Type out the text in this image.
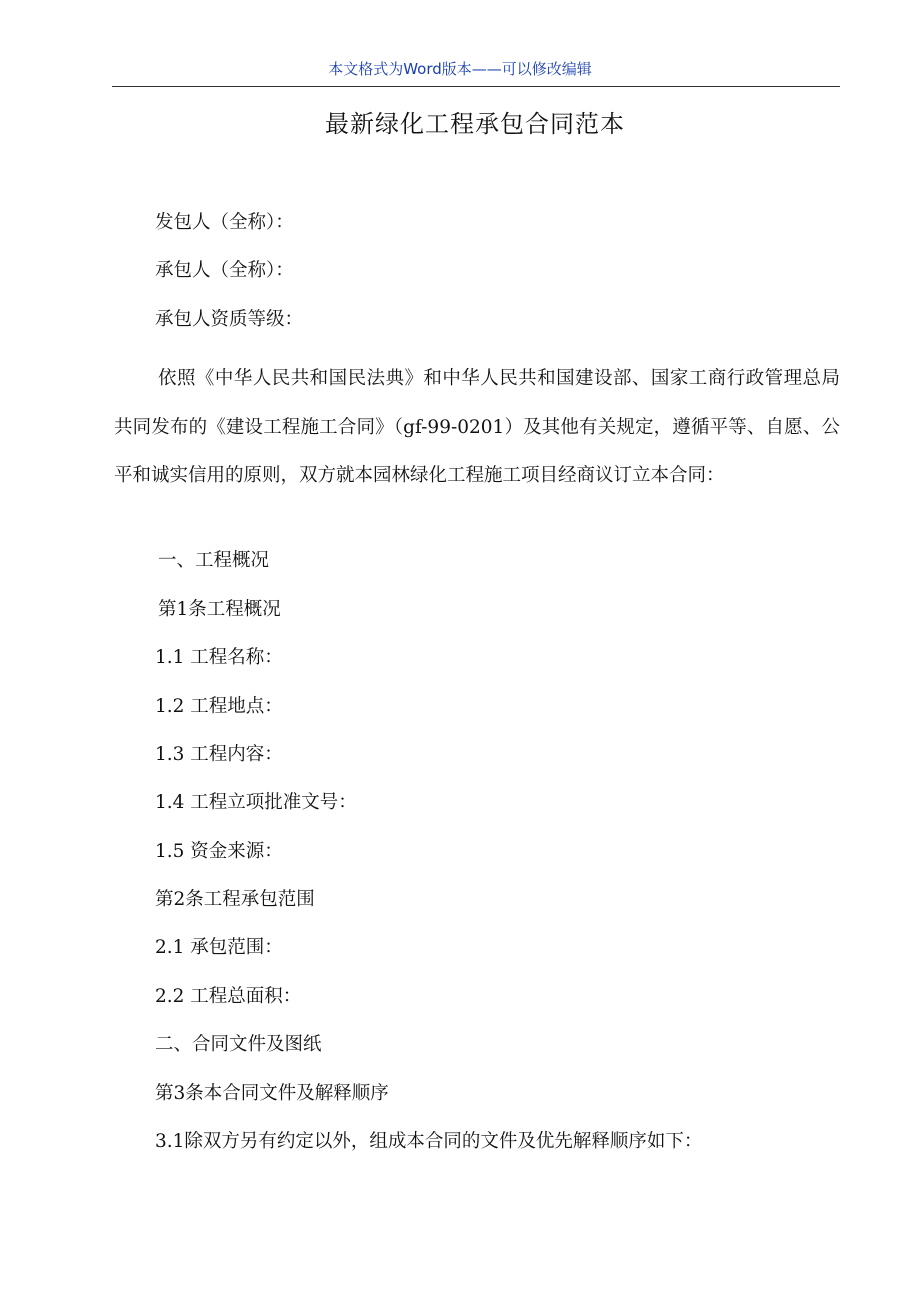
本文格式为Word版本——可以修改编辑
最新绿化工程承包合同范本
发包人（全称）：
承包人（全称）：
承包人资质等级：
依照《中华人民共和国民法典》和中华人民共和国建设部、国家工商行政管理总局共同发布的《建设工程施工合同》（gf-99-0201）及其他有关规定，遵循平等、自愿、公平和诚实信用的原则，双方就本园林绿化工程施工项目经商议订立本合同：
一、工程概况
第1条工程概况
1.1 工程名称：
1.2 工程地点：
1.3 工程内容：
1.4 工程立项批准文号：
1.5 资金来源：
第2条工程承包范围
2.1 承包范围：
2.2 工程总面积：
二、合同文件及图纸
第3条本合同文件及解释顺序
3.1除双方另有约定以外，组成本合同的文件及优先解释顺序如下：
